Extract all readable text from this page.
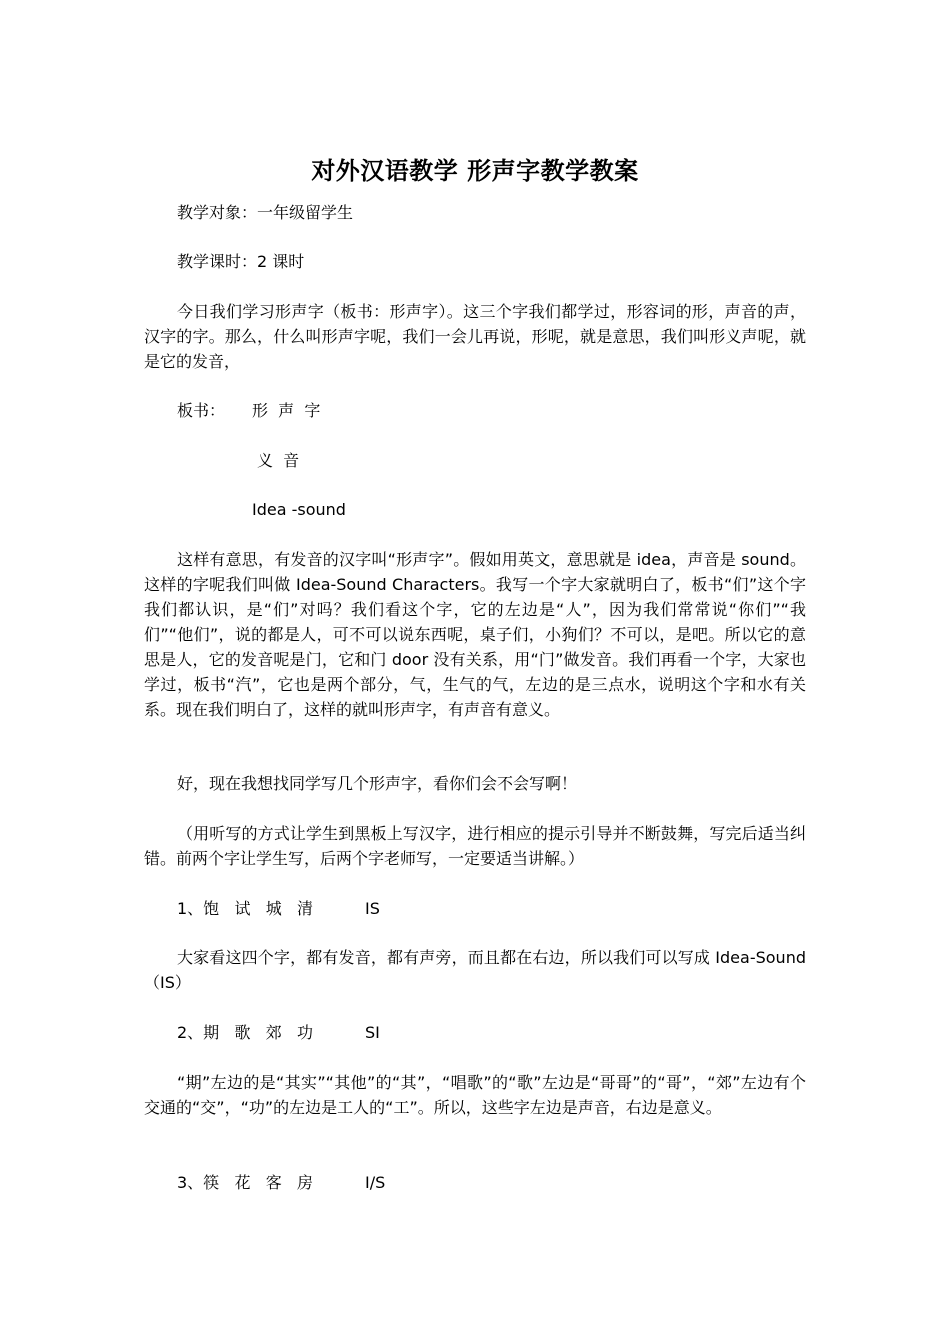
对外汉语教学 形声字教学教案
教学对象：一年级留学生
教学课时：2 课时
今日我们学习形声字（板书：形声字）。这三个字我们都学过，形容词的形，声音的声，汉字的字。那么，什么叫形声字呢，我们一会儿再说，形呢，就是意思，我们叫形义声呢，就是它的发音，
板书： 形  声  字
义  音
Idea -sound
这样有意思，有发音的汉字叫“形声字”。假如用英文，意思就是 idea，声音是 sound。这样的字呢我们叫做 Idea-Sound Characters。我写一个字大家就明白了，板书“们”这个字我们都认识，是“们”对吗？我们看这个字，它的左边是“人”，因为我们常常说“你们”“我们”“他们”，说的都是人，可不可以说东西呢，桌子们，小狗们？不可以，是吧。所以它的意思是人，它的发音呢是门，它和门 door 没有关系，用“门”做发音。我们再看一个字，大家也学过，板书“汽”，它也是两个部分，气，生气的气，左边的是三点水，说明这个字和水有关系。现在我们明白了，这样的就叫形声字，有声音有意义。
好，现在我想找同学写几个形声字，看你们会不会写啊！
（用听写的方式让学生到黑板上写汉字，进行相应的提示引导并不断鼓舞，写完后适当纠错。前两个字让学生写，后两个字老师写，一定要适当讲解。）
1、饱   试   城   清	IS
大家看这四个字，都有发音，都有声旁，而且都在右边，所以我们可以写成 Idea-Sound（IS）
2、期   歌   郊   功	SI
“期”左边的是“其实”“其他”的“其”，“唱歌”的“歌”左边是“哥哥”的“哥”，“郊”左边有个交通的“交”，“功”的左边是工人的“工”。所以，这些字左边是声音，右边是意义。
3、筷   花   客   房	I/S
